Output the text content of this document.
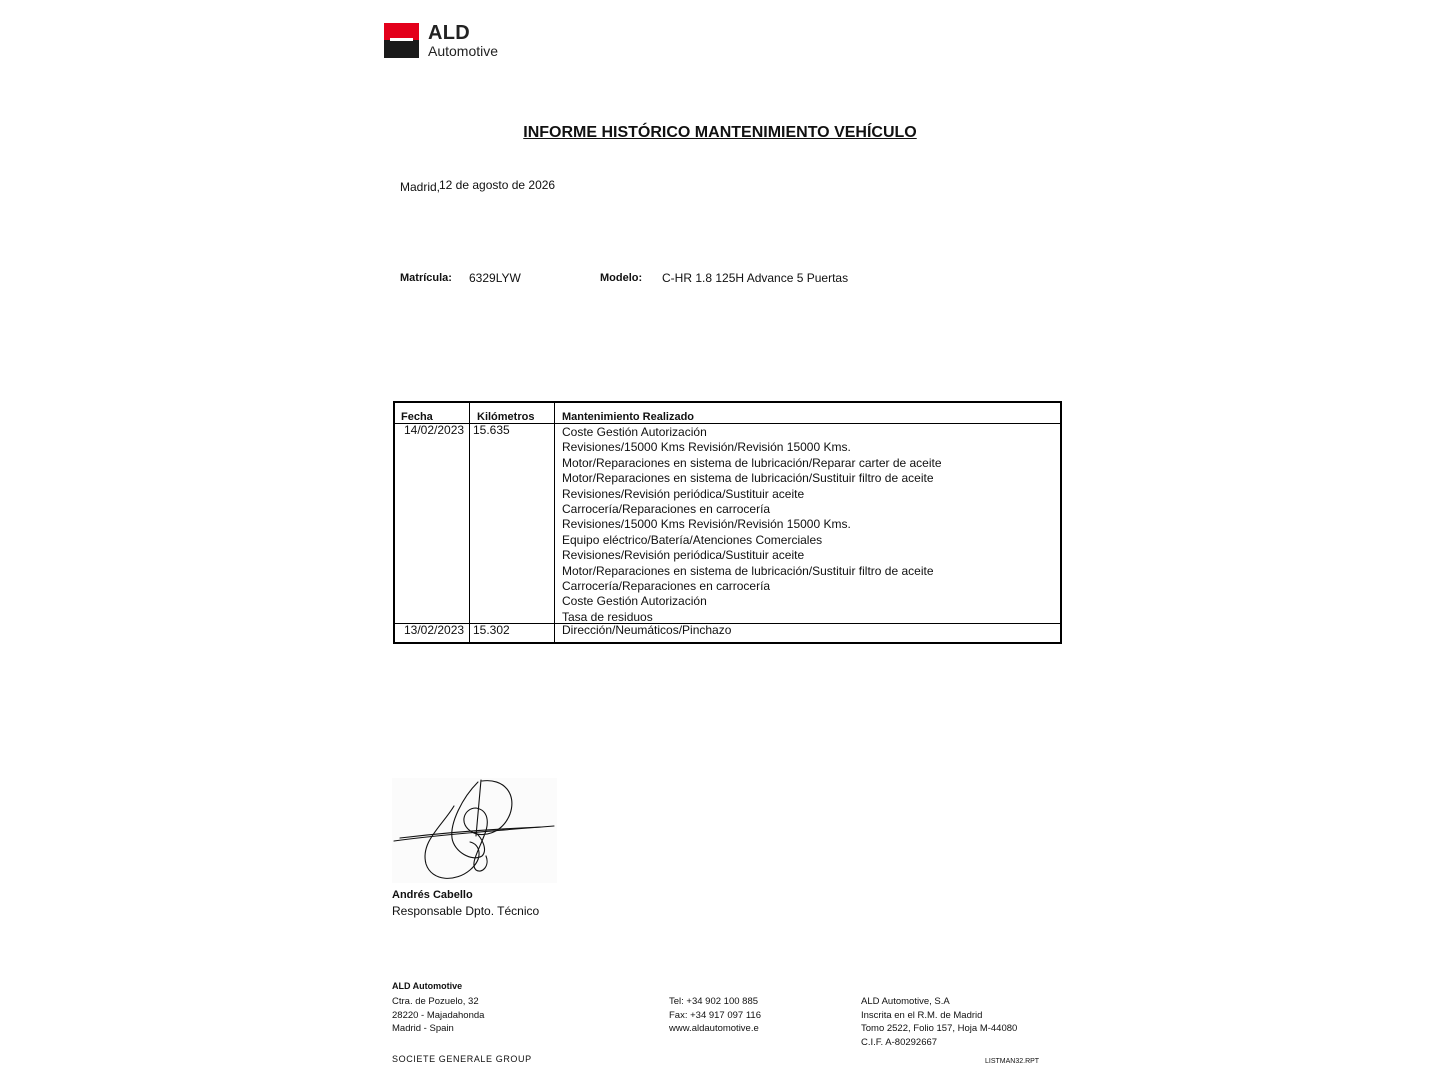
ALD
Automotive
INFORME HISTÓRICO MANTENIMIENTO VEHÍCULO
Madrid,
12 de agosto de 2026
Matrícula: 6329LYW	Modelo: C-HR 1.8 125H Advance 5 Puertas
Fecha	Kilómetros	Mantenimiento Realizado
14/02/2023 15.635	Coste Gestión Autorización
Revisiones/15000 Kms Revisión/Revisión 15000 Kms.
Motor/Reparaciones en sistema de lubricación/Reparar carter de aceite
Motor/Reparaciones en sistema de lubricación/Sustituir filtro de aceite
Revisiones/Revisión periódica/Sustituir aceite
Carrocería/Reparaciones en carrocería
Revisiones/15000 Kms Revisión/Revisión 15000 Kms.
Equipo eléctrico/Batería/Atenciones Comerciales
Revisiones/Revisión periódica/Sustituir aceite
Motor/Reparaciones en sistema de lubricación/Sustituir filtro de aceite
Carrocería/Reparaciones en carrocería
Coste Gestión Autorización
Tasa de residuos
13/02/2023 15.302	Dirección/Neumáticos/Pinchazo
Andrés Cabello
Responsable Dpto. Técnico
ALD Automotive
Ctra. de Pozuelo, 32
28220 - Majadahonda
Madrid - Spain
Tel: +34 902 100 885
Fax: +34 917 097 116
www.aldautomotive.e
ALD Automotive, S.A
Inscrita en el R.M. de Madrid
Tomo 2522, Folio 157, Hoja M-44080
C.I.F. A-80292667
SOCIETE GENERALE GROUP	LISTMAN32.RPT
